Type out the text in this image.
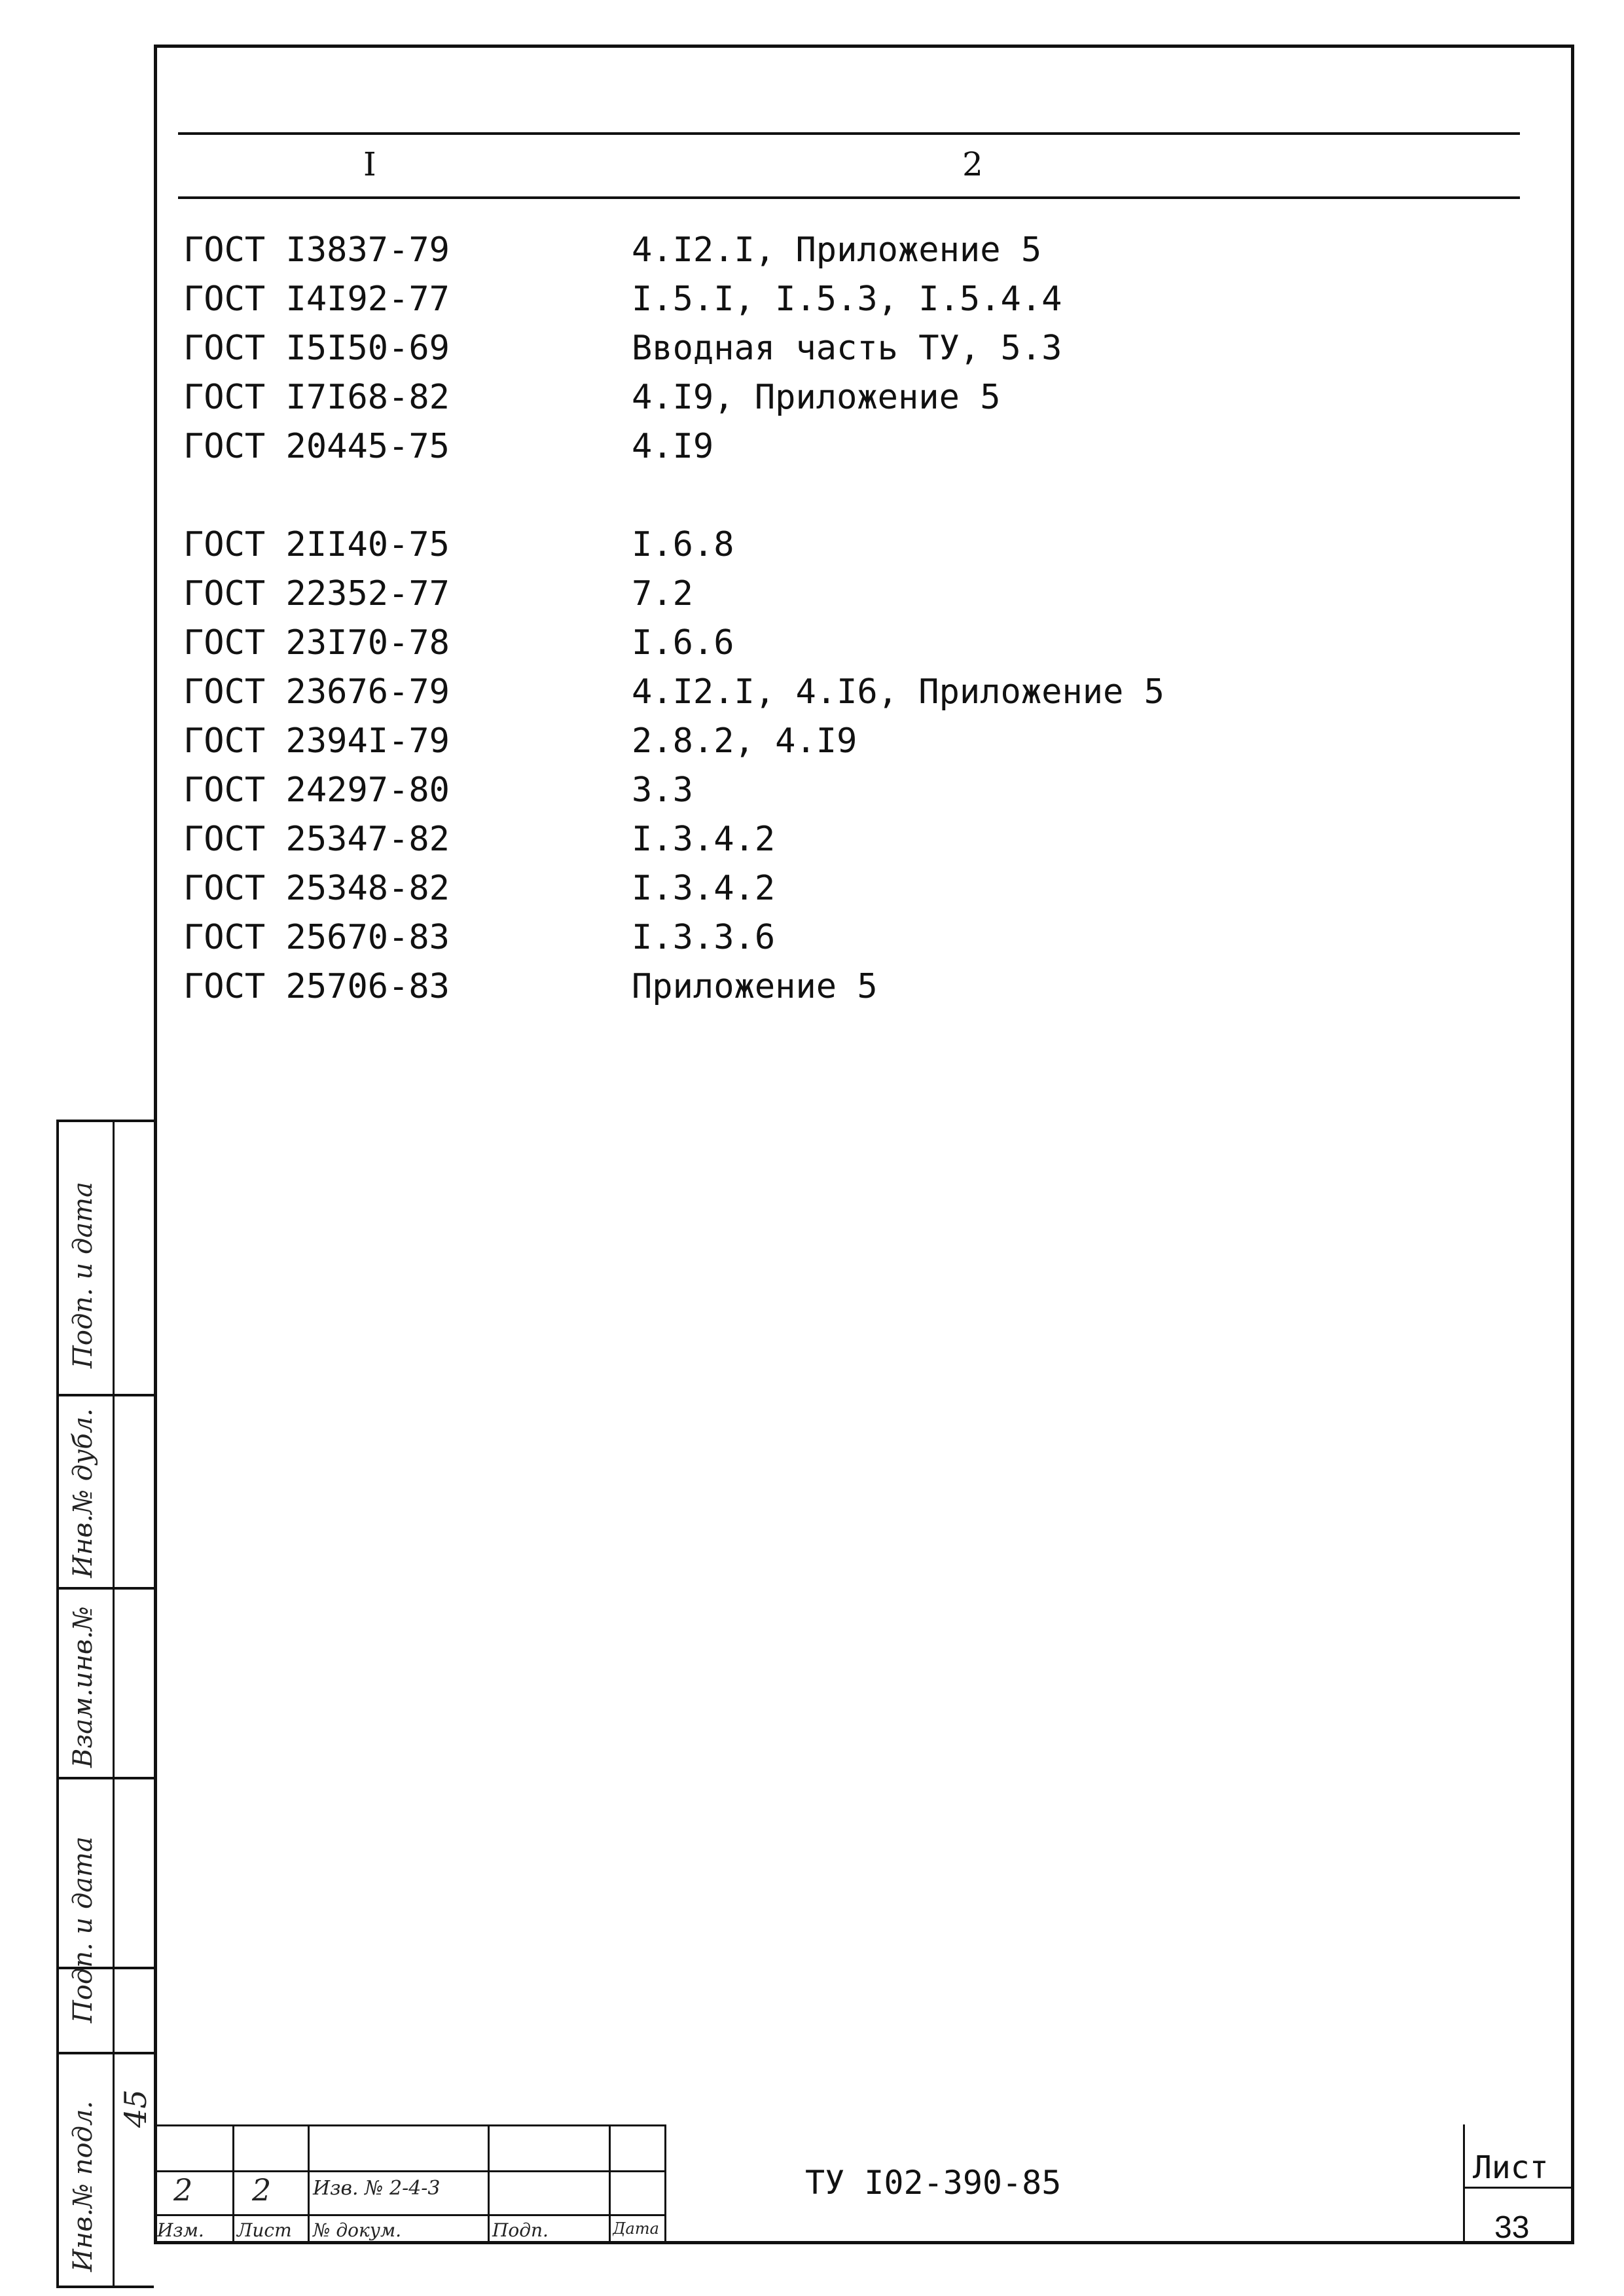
I	2
ГОСТ I3837-79	4.I2.I, Приложение 5
ГОСТ I4I92-77	I.5.I, I.5.3, I.5.4.4
ГОСТ I5I50-69	Вводная часть ТУ, 5.3
ГОСТ I7I68-82	4.I9, Приложение 5
ГОСТ 20445-75	4.I9
ГОСТ 2II40-75	I.6.8
ГОСТ 22352-77	7.2
ГОСТ 23I70-78	I.6.6
ГОСТ 23676-79	4.I2.I, 4.I6, Приложение 5
ГОСТ 2394I-79	2.8.2, 4.I9
ГОСТ 24297-80	3.3
ГОСТ 25347-82	I.3.4.2
ГОСТ 25348-82	I.3.4.2
ГОСТ 25670-83	I.3.3.6
ГОСТ 25706-83	Приложение 5
Подп. и дата
Инв.№ дубл.
Взам.инв.№
Подп. и дата
Инв.№ подл. 45
2 2 Изв. № 2-4-3
Изм. Лист № докум.	Подп.	Дата
ТУ I02-390-85	Лист
33
